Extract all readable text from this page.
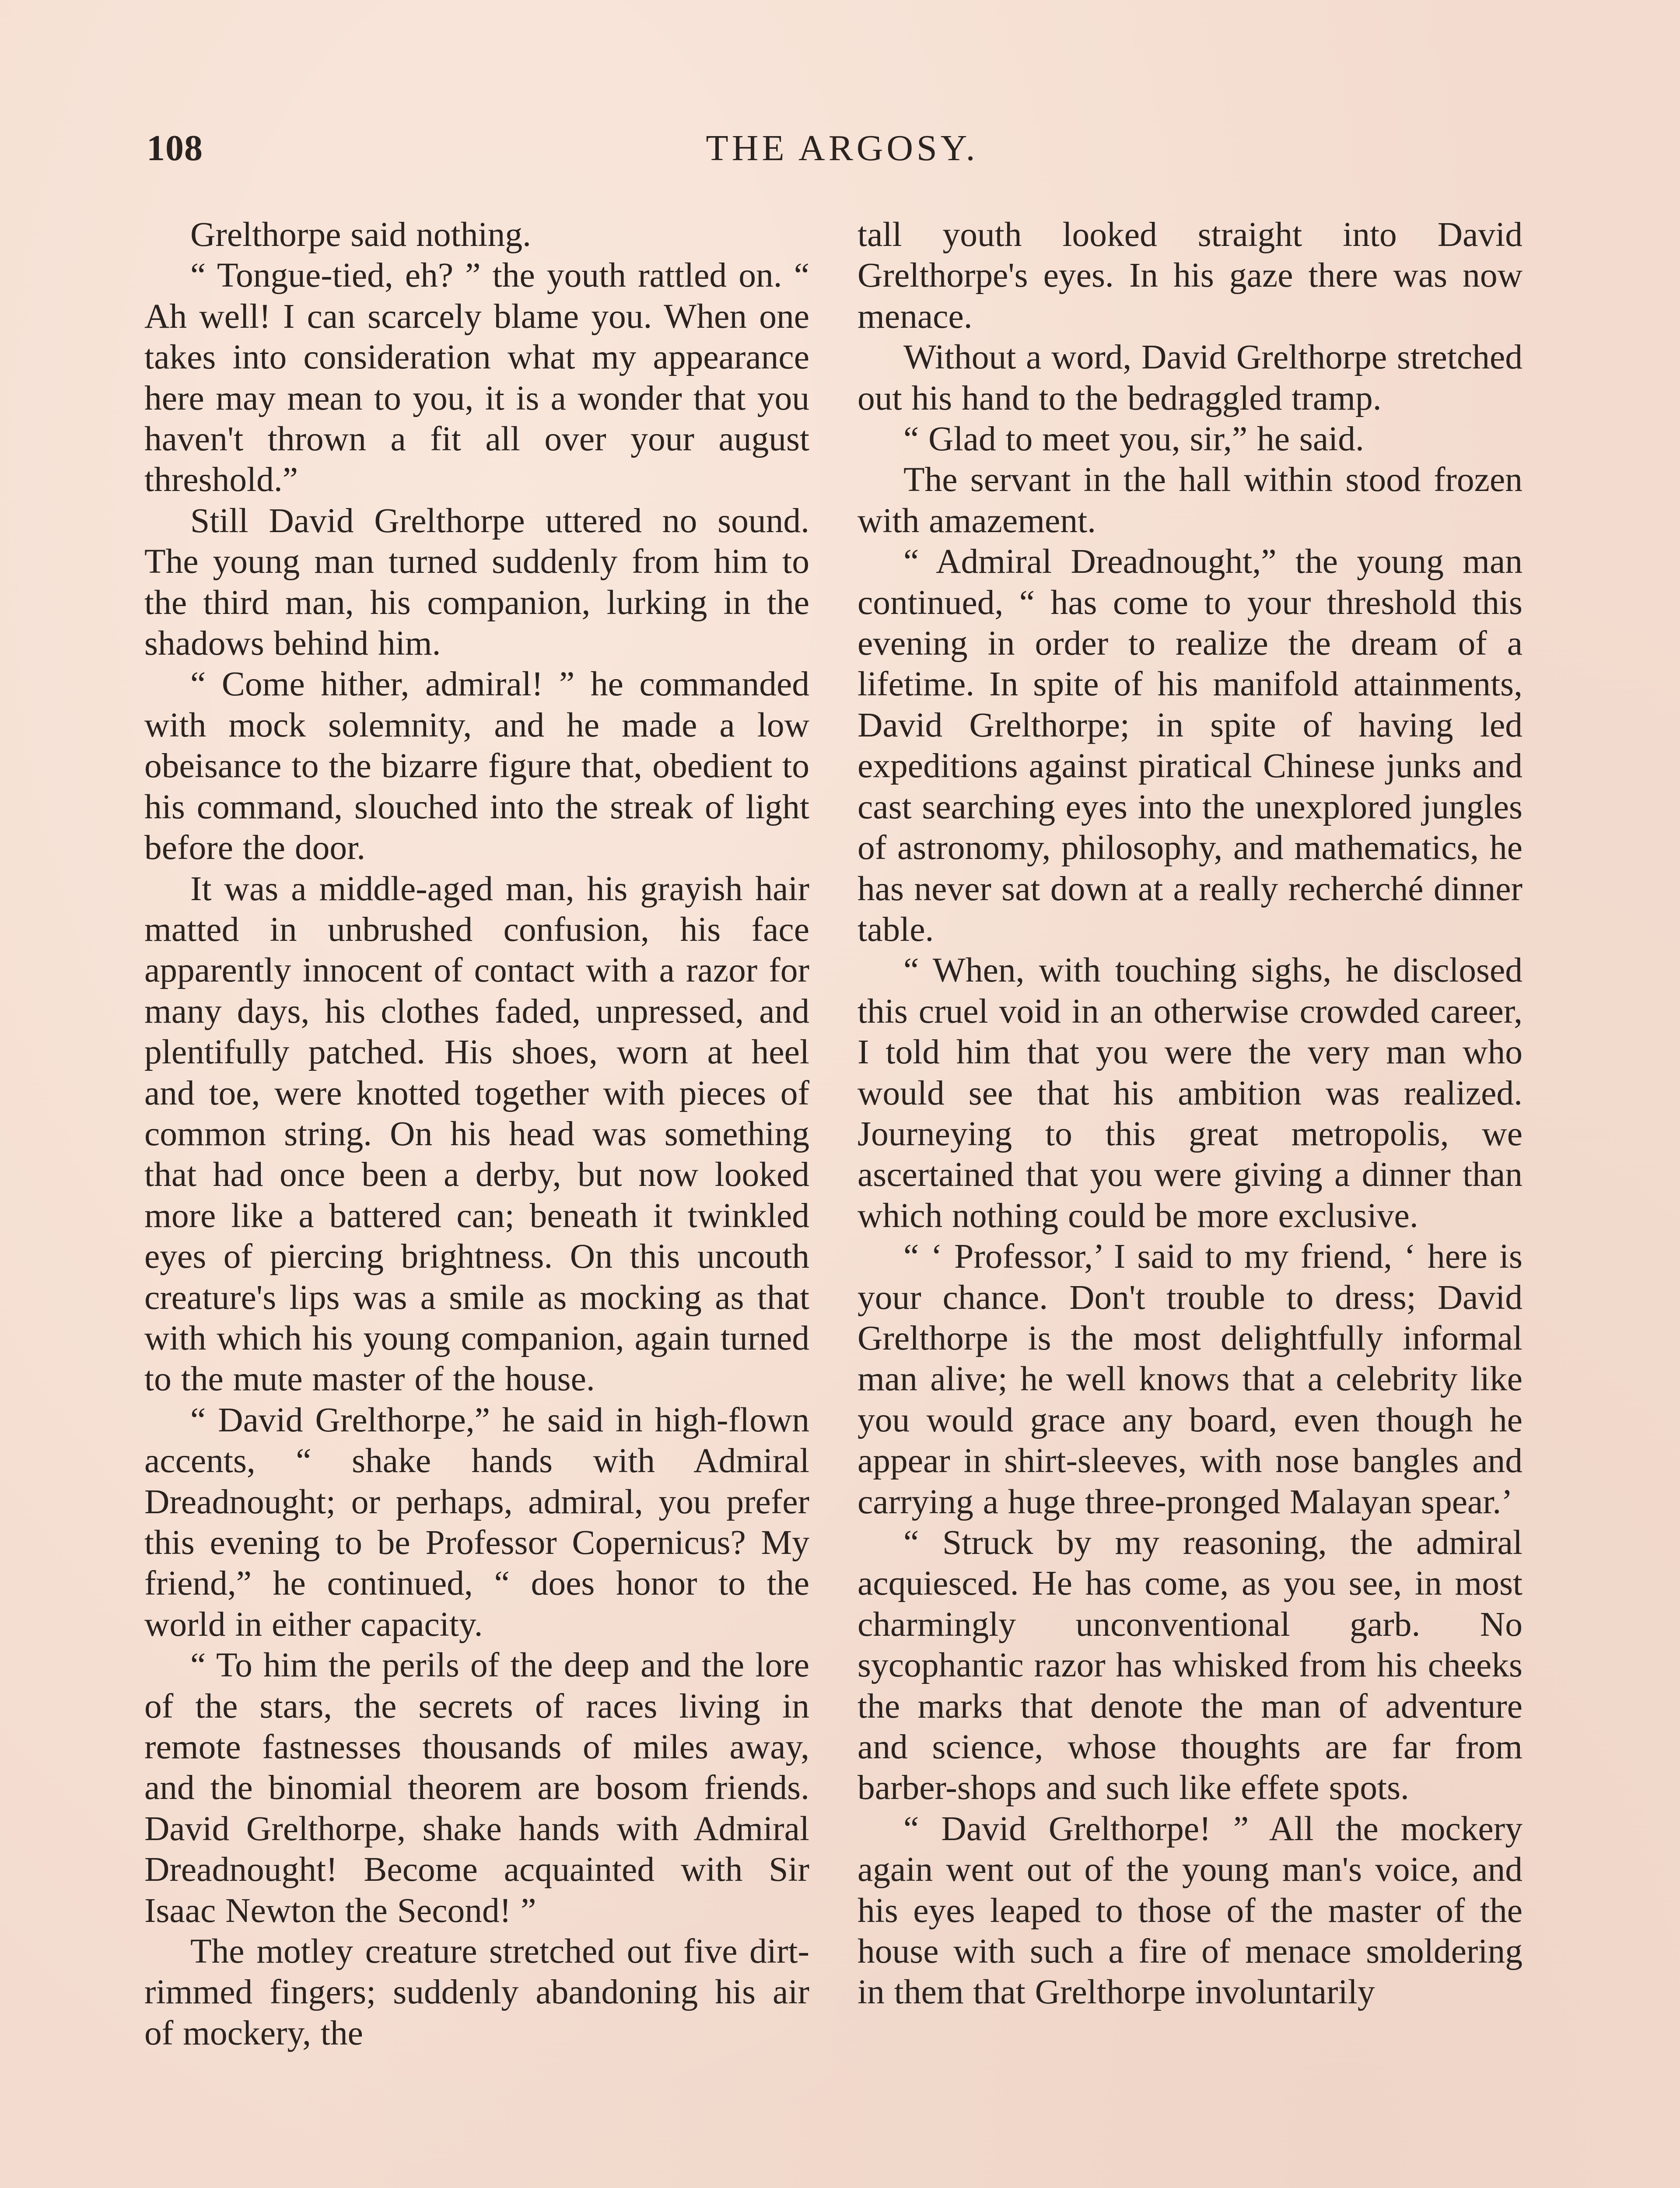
108	THE ARGOSY.

Grelthorpe said nothing.

“ Tongue-tied, eh? ” the youth rattled on. “ Ah well! I can scarcely blame you. When one takes into consideration what my appearance here may mean to you, it is a wonder that you haven't thrown a fit all over your august threshold.”

Still David Grelthorpe uttered no sound. The young man turned suddenly from him to the third man, his companion, lurking in the shadows behind him.

“ Come hither, admiral! ” he commanded with mock solemnity, and he made a low obeisance to the bizarre figure that, obedient to his command, slouched into the streak of light before the door.

It was a middle-aged man, his grayish hair matted in unbrushed confusion, his face apparently innocent of contact with a razor for many days, his clothes faded, unpressed, and plentifully patched. His shoes, worn at heel and toe, were knotted together with pieces of common string. On his head was something that had once been a derby, but now looked more like a battered can; beneath it twinkled eyes of piercing brightness. On this uncouth creature's lips was a smile as mocking as that with which his young companion, again turned to the mute master of the house.

“ David Grelthorpe,” he said in high-flown accents, “ shake hands with Admiral Dreadnought; or perhaps, admiral, you prefer this evening to be Professor Copernicus? My friend,” he continued, “ does honor to the world in either capacity.

“ To him the perils of the deep and the lore of the stars, the secrets of races living in remote fastnesses thousands of miles away, and the binomial theorem are bosom friends. David Grelthorpe, shake hands with Admiral Dreadnought! Become acquainted with Sir Isaac Newton the Second! ”

The motley creature stretched out five dirt-rimmed fingers; suddenly abandoning his air of mockery, the

tall youth looked straight into David Grelthorpe's eyes. In his gaze there was now menace.

Without a word, David Grelthorpe stretched out his hand to the bedraggled tramp.

“ Glad to meet you, sir,” he said.

The servant in the hall within stood frozen with amazement.

“ Admiral Dreadnought,” the young man continued, “ has come to your threshold this evening in order to realize the dream of a lifetime. In spite of his manifold attainments, David Grelthorpe; in spite of having led expeditions against piratical Chinese junks and cast searching eyes into the unexplored jungles of astronomy, philosophy, and mathematics, he has never sat down at a really recherché dinner table.

“ When, with touching sighs, he disclosed this cruel void in an otherwise crowded career, I told him that you were the very man who would see that his ambition was realized. Journeying to this great metropolis, we ascertained that you were giving a dinner than which nothing could be more exclusive.

“ ‘ Professor,’ I said to my friend, ‘ here is your chance. Don't trouble to dress; David Grelthorpe is the most delightfully informal man alive; he well knows that a celebrity like you would grace any board, even though he appear in shirt-sleeves, with nose bangles and carrying a huge three-pronged Malayan spear.’

“ Struck by my reasoning, the admiral acquiesced. He has come, as you see, in most charmingly unconventional garb. No sycophantic razor has whisked from his cheeks the marks that denote the man of adventure and science, whose thoughts are far from barber-shops and such like effete spots.

“ David Grelthorpe! ” All the mockery again went out of the young man's voice, and his eyes leaped to those of the master of the house with such a fire of menace smoldering in them that Grelthorpe involuntarily
